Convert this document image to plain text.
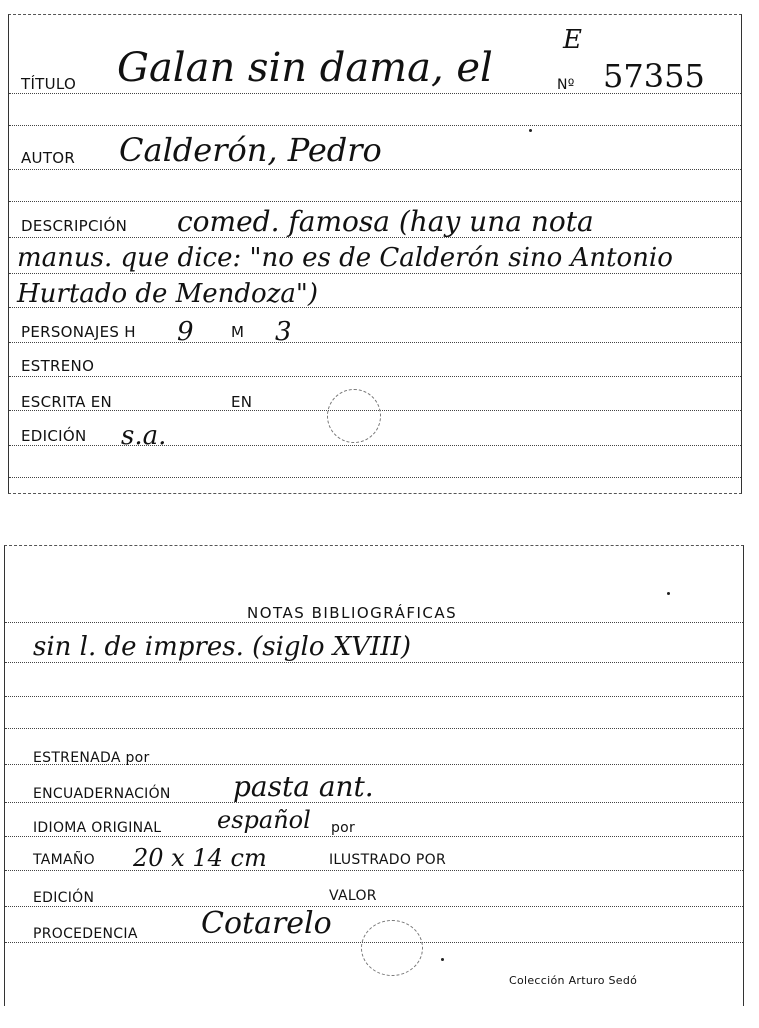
TÍTULO Galan sin dama, el
E
Nº 57355
AUTOR Calderón, Pedro
DESCRIPCIÓN comed. famosa (hay una nota
manus. que dice: "no es de Calderón sino Antonio
Hurtado de Mendoza")
PERSONAJES H 9 M 3
ESTRENO
ESCRITA EN	EN
EDICIÓN s.a.
NOTAS BIBLIOGRÁFICAS
sin l. de impres. (siglo XVIII)
ESTRENADA por
ENCUADERNACIÓN pasta ant.
IDIOMA ORIGINAL español por
TAMAÑO 20 x 14 cm	ILUSTRADO POR
EDICIÓN	VALOR
PROCEDENCIA Cotarelo
Colección Arturo Sedó
